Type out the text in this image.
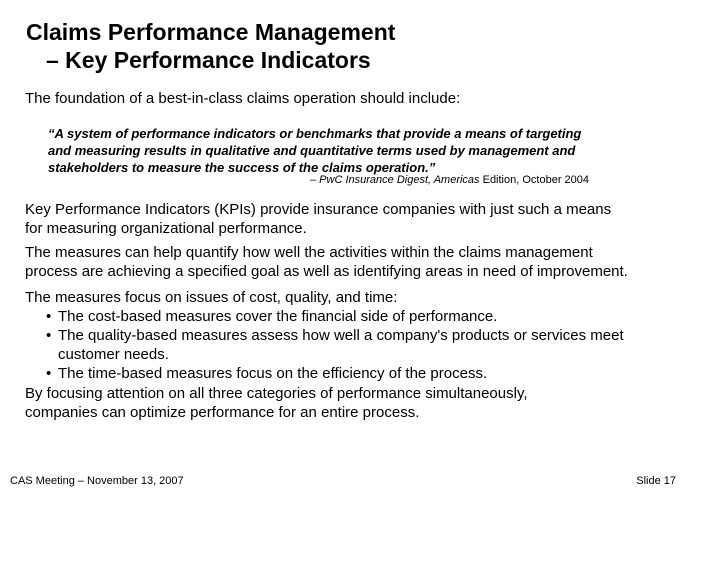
Claims Performance Management
– Key Performance Indicators

The foundation of a best-in-class claims operation should include:

“A system of performance indicators or benchmarks that provide a means of targeting
and measuring results in qualitative and quantitative terms used by management and
stakeholders to measure the success of the claims operation.”

– PwC Insurance Digest, Americas Edition, October 2004

Key Performance Indicators (KPIs) provide insurance companies with just such a means
for measuring organizational performance.

The measures can help quantify how well the activities within the claims management
process are achieving a specified goal as well as identifying areas in need of improvement.

The measures focus on issues of cost, quality, and time:

• The cost-based measures cover the financial side of performance.
• The quality-based measures assess how well a company's products or services meet
customer needs.
• The time-based measures focus on the efficiency of the process.

By focusing attention on all three categories of performance simultaneously,
companies can optimize performance for an entire process.

CAS Meeting – November 13, 2007	Slide 17
